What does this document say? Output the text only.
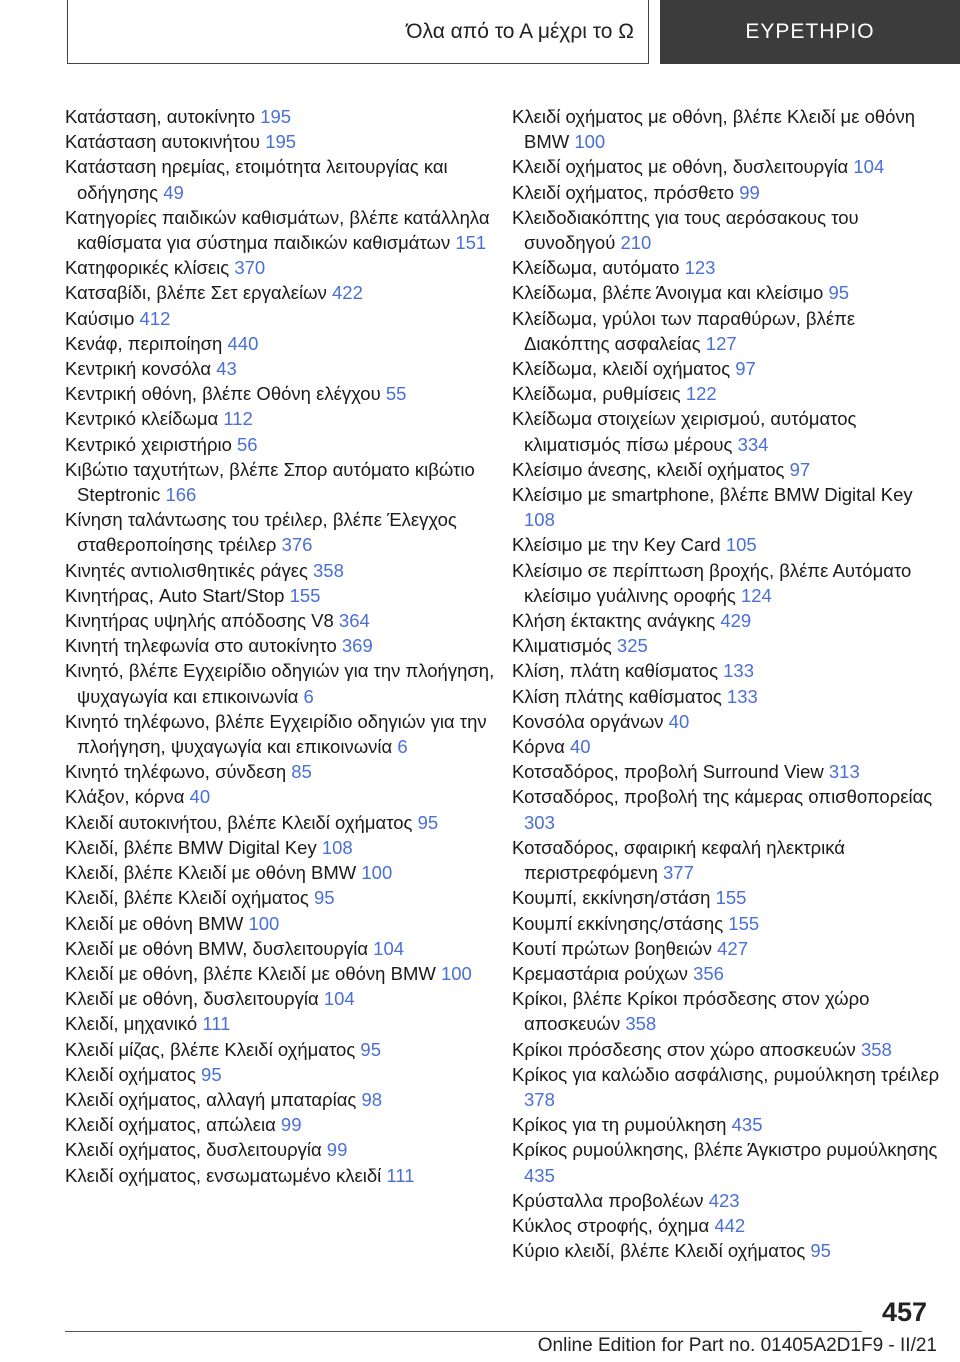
Όλα από το Α μέχρι το Ω	ΕΥΡΕΤΗΡΙΟ
Κατάσταση, αυτοκίνητο 195
Κατάσταση αυτοκινήτου 195
Κατάσταση ηρεμίας, ετοιμότητα λειτουργίας και οδήγησης 49
Κατηγορίες παιδικών καθισμάτων, βλέπε κατάλληλα καθίσματα για σύστημα παιδικών καθισμάτων 151
Κατηφορικές κλίσεις 370
Κατσαβίδι, βλέπε Σετ εργαλείων 422
Καύσιμο 412
Κενάφ, περιποίηση 440
Κεντρική κονσόλα 43
Κεντρική οθόνη, βλέπε Οθόνη ελέγχου 55
Κεντρικό κλείδωμα 112
Κεντρικό χειριστήριο 56
Κιβώτιο ταχυτήτων, βλέπε Σπορ αυτόματο κιβώτιο Steptronic 166
Κίνηση ταλάντωσης του τρέιλερ, βλέπε Έλεγχος σταθεροποίησης τρέιλερ 376
Κινητές αντιολισθητικές ράγες 358
Κινητήρας, Auto Start/Stop 155
Κινητήρας υψηλής απόδοσης V8 364
Κινητή τηλεφωνία στο αυτοκίνητο 369
Κινητό, βλέπε Εγχειρίδιο οδηγιών για την πλοήγηση, ψυχαγωγία και επικοινωνία 6
Κινητό τηλέφωνο, βλέπε Εγχειρίδιο οδηγιών για την πλοήγηση, ψυχαγωγία και επικοινωνία 6
Κινητό τηλέφωνο, σύνδεση 85
Κλάξον, κόρνα 40
Κλειδί αυτοκινήτου, βλέπε Κλειδί οχήματος 95
Κλειδί, βλέπε BMW Digital Key 108
Κλειδί, βλέπε Κλειδί με οθόνη BMW 100
Κλειδί, βλέπε Κλειδί οχήματος 95
Κλειδί με οθόνη BMW 100
Κλειδί με οθόνη BMW, δυσλειτουργία 104
Κλειδί με οθόνη, βλέπε Κλειδί με οθόνη BMW 100
Κλειδί με οθόνη, δυσλειτουργία 104
Κλειδί, μηχανικό 111
Κλειδί μίζας, βλέπε Κλειδί οχήματος 95
Κλειδί οχήματος 95
Κλειδί οχήματος, αλλαγή μπαταρίας 98
Κλειδί οχήματος, απώλεια 99
Κλειδί οχήματος, δυσλειτουργία 99
Κλειδί οχήματος, ενσωματωμένο κλειδί 111
Κλειδί οχήματος με οθόνη, βλέπε Κλειδί με οθόνη BMW 100
Κλειδί οχήματος με οθόνη, δυσλειτουργία 104
Κλειδί οχήματος, πρόσθετο 99
Κλειδοδιακόπτης για τους αερόσακους του συνοδηγού 210
Κλείδωμα, αυτόματο 123
Κλείδωμα, βλέπε Άνοιγμα και κλείσιμο 95
Κλείδωμα, γρύλοι των παραθύρων, βλέπε Διακόπτης ασφαλείας 127
Κλείδωμα, κλειδί οχήματος 97
Κλείδωμα, ρυθμίσεις 122
Κλείδωμα στοιχείων χειρισμού, αυτόματος κλιματισμός πίσω μέρους 334
Κλείσιμο άνεσης, κλειδί οχήματος 97
Κλείσιμο με smartphone, βλέπε BMW Digital Key 108
Κλείσιμο με την Key Card 105
Κλείσιμο σε περίπτωση βροχής, βλέπε Αυτόματο κλείσιμο γυάλινης οροφής 124
Κλήση έκτακτης ανάγκης 429
Κλιματισμός 325
Κλίση, πλάτη καθίσματος 133
Κλίση πλάτης καθίσματος 133
Κονσόλα οργάνων 40
Κόρνα 40
Κοτσαδόρος, προβολή Surround View 313
Κοτσαδόρος, προβολή της κάμερας οπισθοπορείας 303
Κοτσαδόρος, σφαιρική κεφαλή ηλεκτρικά περιστρεφόμενη 377
Κουμπί, εκκίνηση/στάση 155
Κουμπί εκκίνησης/στάσης 155
Κουτί πρώτων βοηθειών 427
Κρεμαστάρια ρούχων 356
Κρίκοι, βλέπε Κρίκοι πρόσδεσης στον χώρο αποσκευών 358
Κρίκοι πρόσδεσης στον χώρο αποσκευών 358
Κρίκος για καλώδιο ασφάλισης, ρυμούλκηση τρέιλερ 378
Κρίκος για τη ρυμούλκηση 435
Κρίκος ρυμούλκησης, βλέπε Άγκιστρο ρυμούλκησης 435
Κρύσταλλα προβολέων 423
Κύκλος στροφής, όχημα 442
Κύριο κλειδί, βλέπε Κλειδί οχήματος 95
457
Online Edition for Part no. 01405A2D1F9 - II/21
